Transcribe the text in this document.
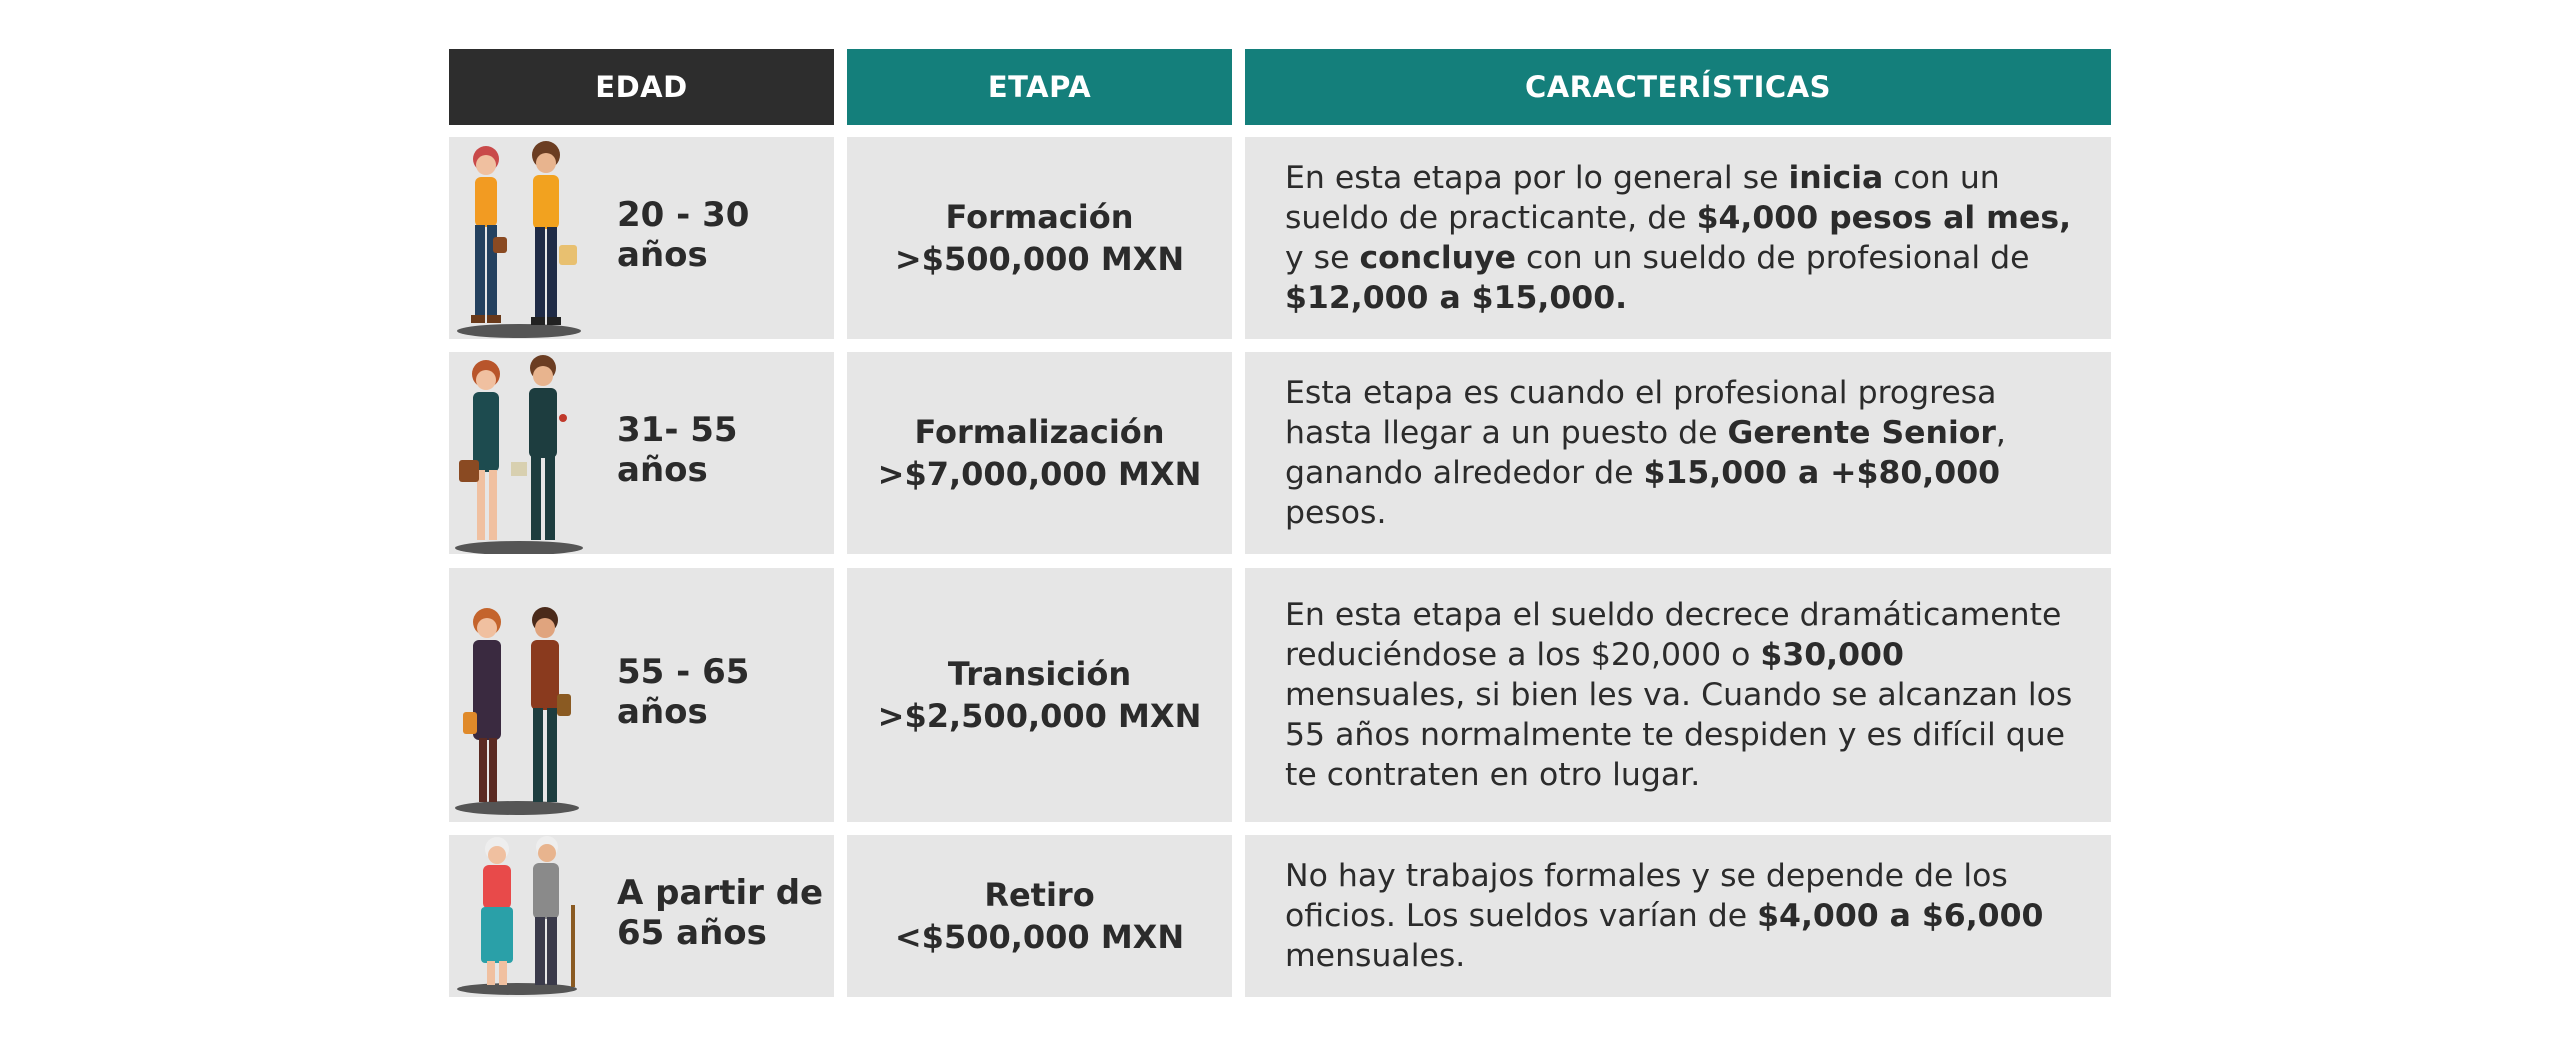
EDAD	ETAPA	CARACTERÍSTICAS
20 - 30
años
Formación
>$500,000 MXN
En esta etapa por lo general se inicia con un sueldo de practicante, de $4,000 pesos al mes, y se concluye con un sueldo de profesional de $12,000 a $15,000.
31- 55
años
Formalización
>$7,000,000 MXN
Esta etapa es cuando el profesional progresa hasta llegar a un puesto de Gerente Senior, ganando alrededor de $15,000 a +$80,000 pesos.
55 - 65
años
Transición
>$2,500,000 MXN
En esta etapa el sueldo decrece dramáticamente reduciéndose a los $20,000 o $30,000 mensuales, si bien les va. Cuando se alcanzan los 55 años normalmente te despiden y es difícil que te contraten en otro lugar.
A partir de
65 años
Retiro
<$500,000 MXN
No hay trabajos formales y se depende de los oficios. Los sueldos varían de $4,000 a $6,000 mensuales.
